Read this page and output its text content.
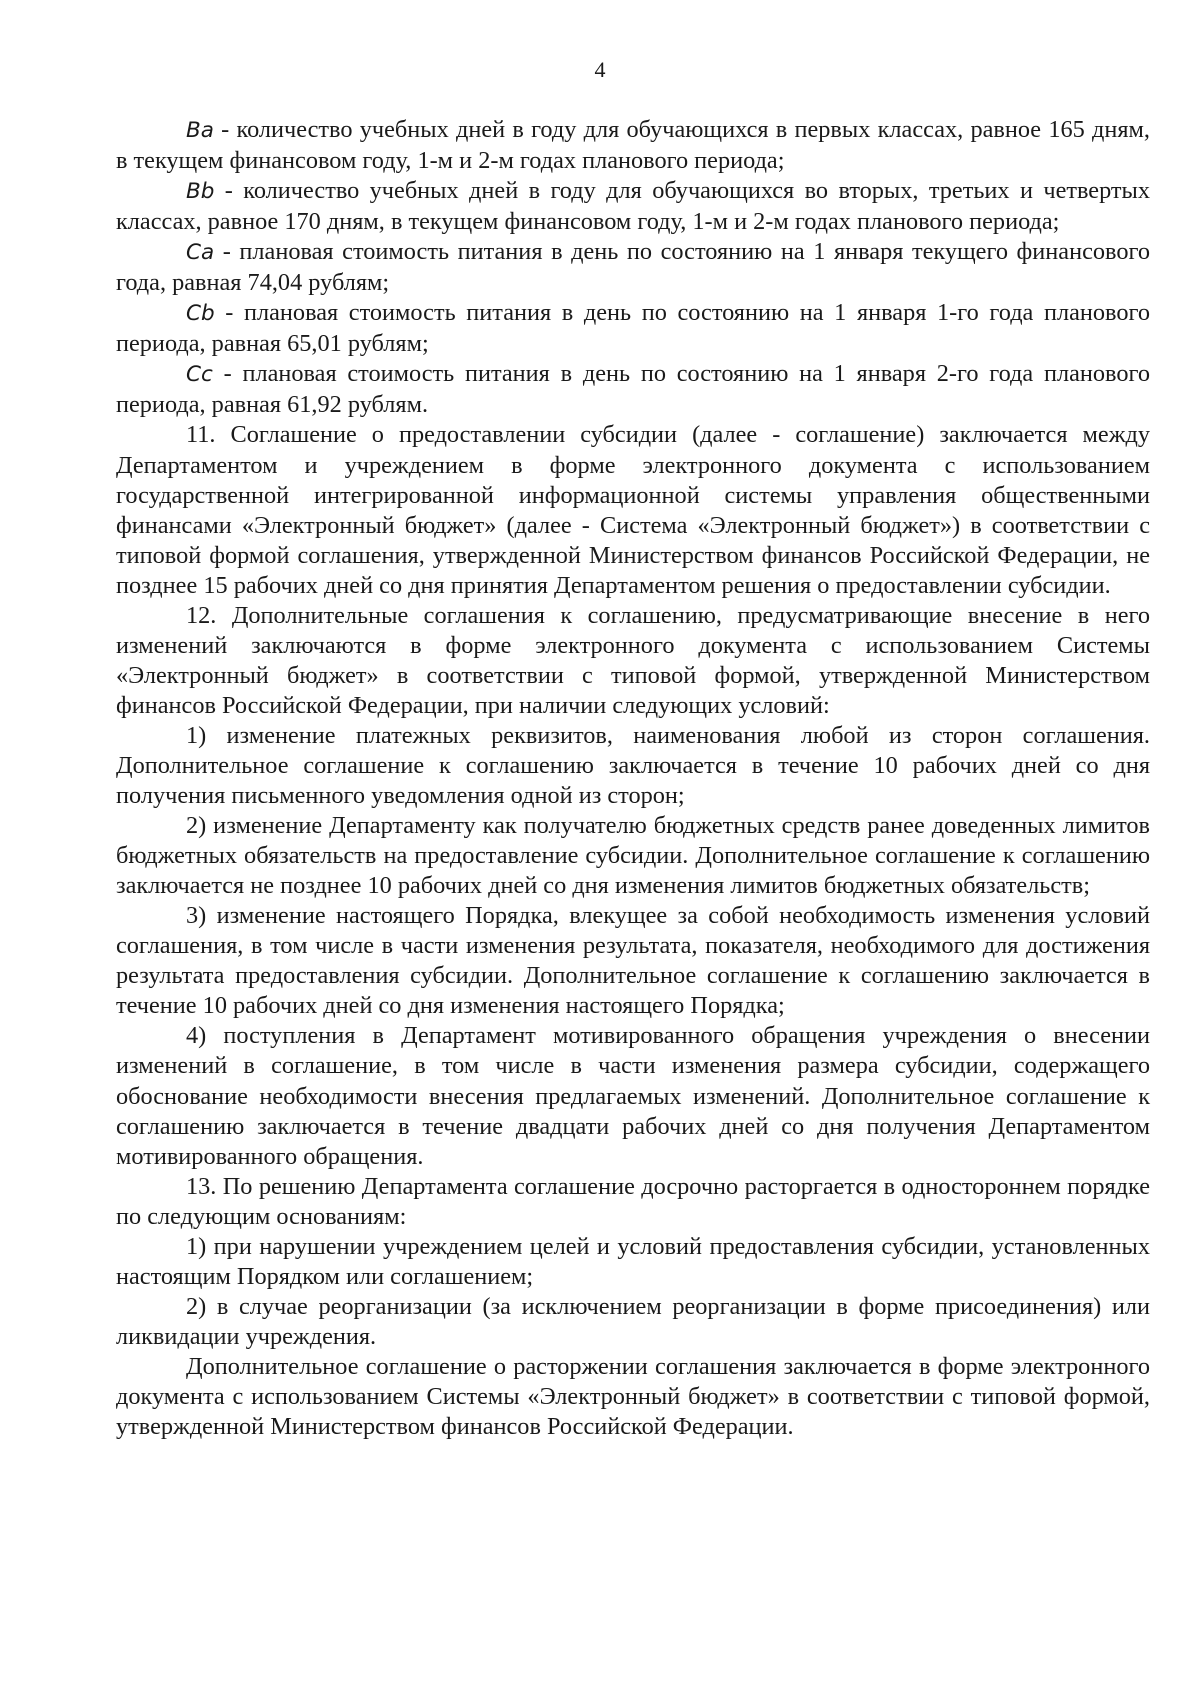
4

Ba - количество учебных дней в году для обучающихся в первых классах, равное 165 дням, в текущем финансовом году, 1-м и 2-м годах планового периода;

Bb - количество учебных дней в году для обучающихся во вторых, третьих и четвертых классах, равное 170 дням, в текущем финансовом году, 1-м и 2-м годах планового периода;

Ca - плановая стоимость питания в день по состоянию на 1 января текущего финансового года, равная 74,04 рублям;

Cb - плановая стоимость питания в день по состоянию на 1 января 1-го года планового периода, равная 65,01 рублям;

Cc - плановая стоимость питания в день по состоянию на 1 января 2-го года планового периода, равная 61,92 рублям.

11. Соглашение о предоставлении субсидии (далее - соглашение) заключается между Департаментом и учреждением в форме электронного документа с использованием государственной интегрированной информационной системы управления общественными финансами «Электронный бюджет» (далее - Система «Электронный бюджет») в соответствии с типовой формой соглашения, утвержденной Министерством финансов Российской Федерации, не позднее 15 рабочих дней со дня принятия Департаментом решения о предоставлении субсидии.

12. Дополнительные соглашения к соглашению, предусматривающие внесение в него изменений заключаются в форме электронного документа с использованием Системы «Электронный бюджет» в соответствии с типовой формой, утвержденной Министерством финансов Российской Федерации, при наличии следующих условий:

1) изменение платежных реквизитов, наименования любой из сторон соглашения. Дополнительное соглашение к соглашению заключается в течение 10 рабочих дней со дня получения письменного уведомления одной из сторон;

2) изменение Департаменту как получателю бюджетных средств ранее доведенных лимитов бюджетных обязательств на предоставление субсидии. Дополнительное соглашение к соглашению заключается не позднее 10 рабочих дней со дня изменения лимитов бюджетных обязательств;

3) изменение настоящего Порядка, влекущее за собой необходимость изменения условий соглашения, в том числе в части изменения результата, показателя, необходимого для достижения результата предоставления субсидии. Дополнительное соглашение к соглашению заключается в течение 10 рабочих дней со дня изменения настоящего Порядка;

4) поступления в Департамент мотивированного обращения учреждения о внесении изменений в соглашение, в том числе в части изменения размера субсидии, содержащего обоснование необходимости внесения предлагаемых изменений. Дополнительное соглашение к соглашению заключается в течение двадцати рабочих дней со дня получения Департаментом мотивированного обращения.

13. По решению Департамента соглашение досрочно расторгается в одностороннем порядке по следующим основаниям:

1) при нарушении учреждением целей и условий предоставления субсидии, установленных настоящим Порядком или соглашением;

2) в случае реорганизации (за исключением реорганизации в форме присоединения) или ликвидации учреждения.

Дополнительное соглашение о расторжении соглашения заключается в форме электронного документа с использованием Системы «Электронный бюджет» в соответствии с типовой формой, утвержденной Министерством финансов Российской Федерации.
